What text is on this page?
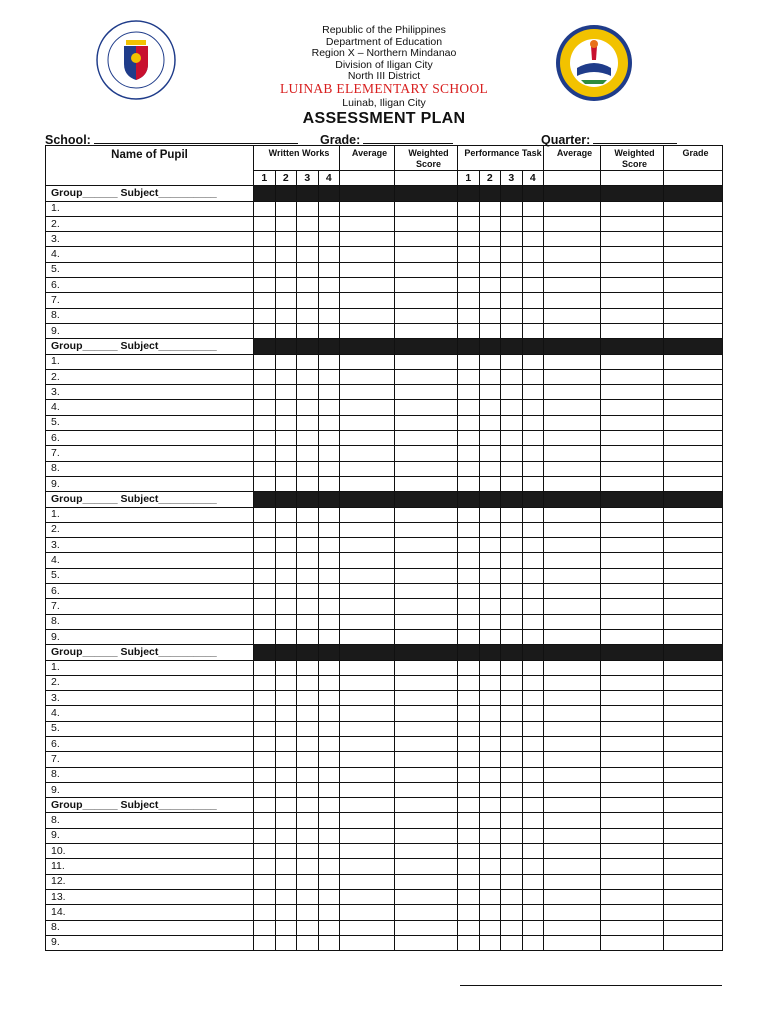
Republic of the Philippines
Department of Education
Region X – Northern Mindanao
Division of Iligan City
North III District
LUINAB ELEMENTARY SCHOOL
Luinab, Iligan City
ASSESSMENT PLAN
School:	Grade:	Quarter:
Name of Pupil	Written Works				Average	Weighted Score	Performance Task				Average	Weighted Score	Grade
	1	2	3	4			1	2	3	4			
Group______ Subject__________													
1.													
2.													
3.													
4.													
5.													
6.													
7.													
8.													
9.													
Group______ Subject__________													
1.													
2.													
3.													
4.													
5.													
6.													
7.													
8.													
9.													
Group______ Subject__________													
1.													
2.													
3.													
4.													
5.													
6.													
7.													
8.													
9.													
Group______ Subject__________													
1.													
2.													
3.													
4.													
5.													
6.													
7.													
8.													
9.													
Group______ Subject__________													
8.													
9.													
10.													
11.													
12.													
13.													
14.													
8.													
9.													
